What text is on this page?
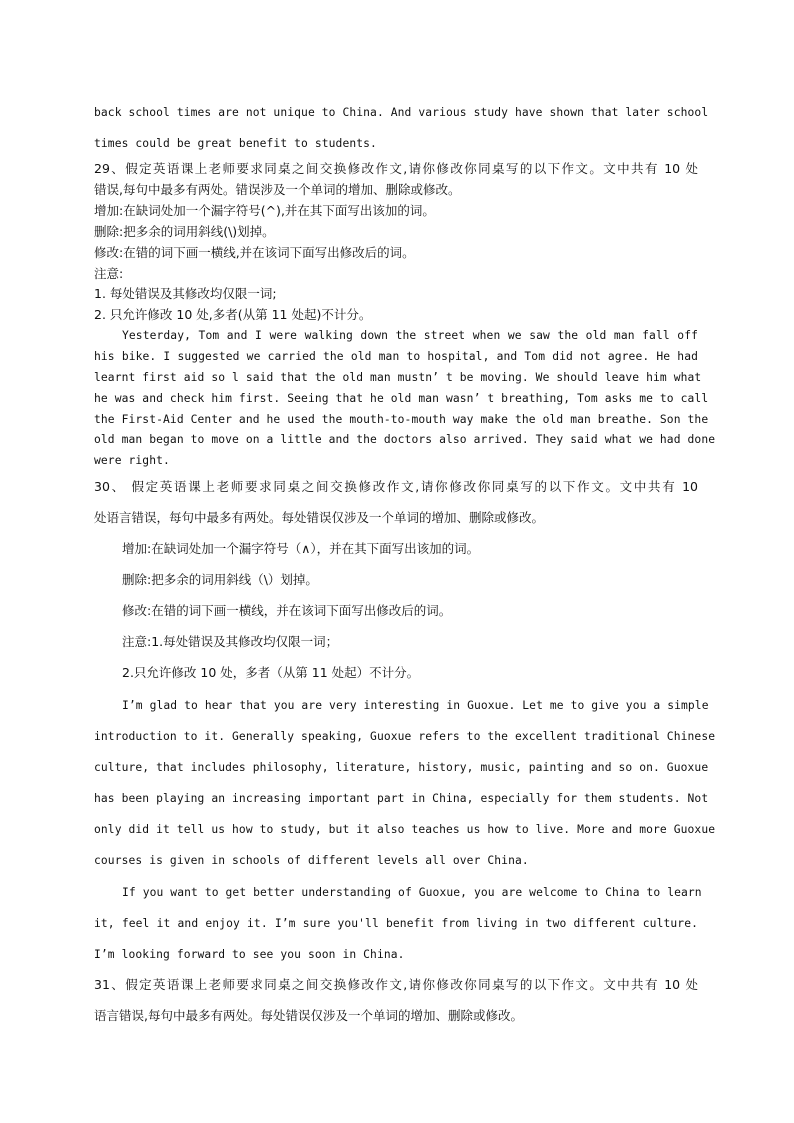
back school times are not unique to China. And various study have shown that later school
times could be great benefit to students.
29、假定英语课上老师要求同桌之间交换修改作文,请你修改你同桌写的以下作文。文中共有 10 处
错误,每句中最多有两处。错误涉及一个单词的增加、删除或修改。
增加:在缺词处加一个漏字符号(^),并在其下面写出该加的词。
删除:把多余的词用斜线(\)划掉。
修改:在错的词下画一横线,并在该词下面写出修改后的词。
注意:
1. 每处错误及其修改均仅限一词;
2. 只允许修改 10 处,多者(从第 11 处起)不计分。
Yesterday, Tom and I were walking down the street when we saw the old man fall off
his bike. I suggested we carried the old man to hospital, and Tom did not agree. He had
learnt first aid so l said that the old man mustn’ t be moving. We should leave him what
he was and check him first. Seeing that he old man wasn’ t breathing, Tom asks me to call
the First-Aid Center and he used the mouth-to-mouth way make the old man breathe. Son the
old man began to move on a little and the doctors also arrived. They said what we had done
were right.
30、 假定英语课上老师要求同桌之间交换修改作文,请你修改你同桌写的以下作文。文中共有 10
处语言错误，每句中最多有两处。每处错误仅涉及一个单词的增加、删除或修改。
增加:在缺词处加一个漏字符号（∧），并在其下面写出该加的词。
删除:把多余的词用斜线（\）划掉。
修改:在错的词下画一横线，并在该词下面写出修改后的词。
注意:1.每处错误及其修改均仅限一词；
2.只允许修改 10 处，多者（从第 11 处起）不计分。
I’m glad to hear that you are very interesting in Guoxue. Let me to give you a simple
introduction to it. Generally speaking, Guoxue refers to the excellent traditional Chinese
culture, that includes philosophy, literature, history, music, painting and so on. Guoxue
has been playing an increasing important part in China, especially for them students. Not
only did it tell us how to study, but it also teaches us how to live. More and more Guoxue
courses is given in schools of different levels all over China.
If you want to get better understanding of Guoxue, you are welcome to China to learn
it, feel it and enjoy it. I’m sure you'll benefit from living in two different culture.
I’m looking forward to see you soon in China.
31、假定英语课上老师要求同桌之间交换修改作文,请你修改你同桌写的以下作文。文中共有 10 处
语言错误,每句中最多有两处。每处错误仅涉及一个单词的增加、删除或修改。
